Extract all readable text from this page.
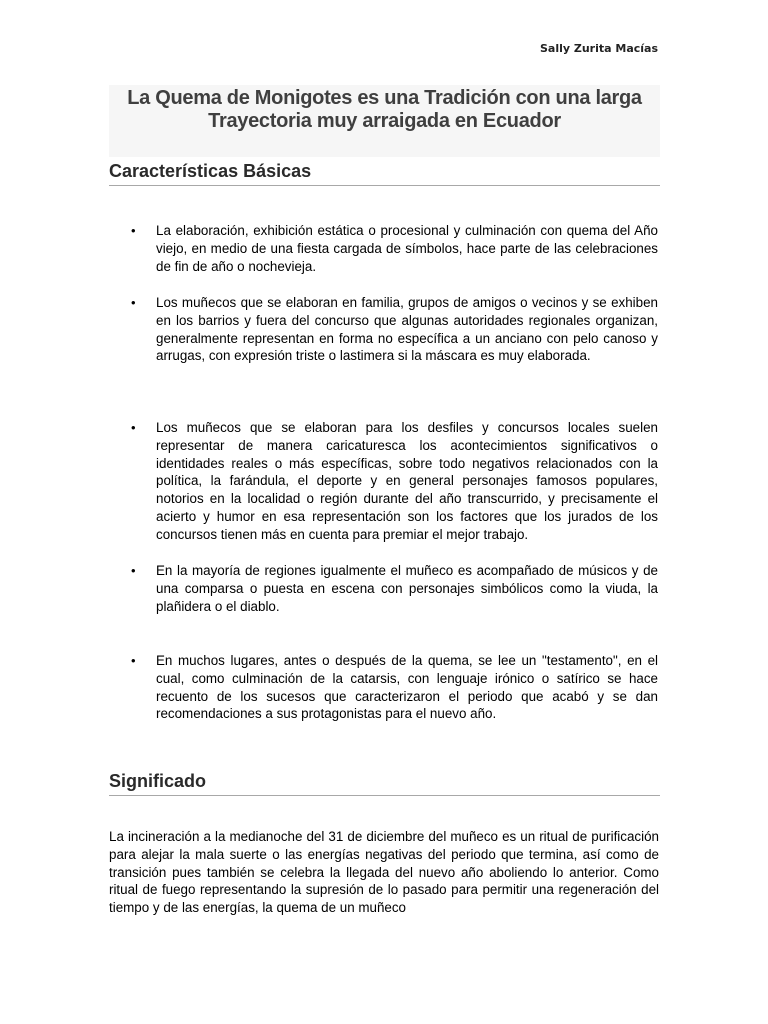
Sally Zurita Macías
La Quema de Monigotes es una Tradición con una larga
Trayectoria muy arraigada en Ecuador
Características Básicas
• La elaboración, exhibición estática o procesional y culminación con quema del Año viejo, en medio de una fiesta cargada de símbolos, hace parte de las celebraciones de fin de año o nochevieja.
• Los muñecos que se elaboran en familia, grupos de amigos o vecinos y se exhiben en los barrios y fuera del concurso que algunas autoridades regionales organizan, generalmente representan en forma no específica a un anciano con pelo canoso y arrugas, con expresión triste o lastimera si la máscara es muy elaborada.
• Los muñecos que se elaboran para los desfiles y concursos locales suelen representar de manera caricaturesca los acontecimientos significativos o identidades reales o más específicas, sobre todo negativos relacionados con la política, la farándula, el deporte y en general personajes famosos populares, notorios en la localidad o región durante del año transcurrido, y precisamente el acierto y humor en esa representación son los factores que los jurados de los concursos tienen más en cuenta para premiar el mejor trabajo.
• En la mayoría de regiones igualmente el muñeco es acompañado de músicos y de una comparsa o puesta en escena con personajes simbólicos como la viuda, la plañidera o el diablo.
• En muchos lugares, antes o después de la quema, se lee un "testamento", en el cual, como culminación de la catarsis, con lenguaje irónico o satírico se hace recuento de los sucesos que caracterizaron el periodo que acabó y se dan recomendaciones a sus protagonistas para el nuevo año.
Significado

La incineración a la medianoche del 31 de diciembre del muñeco es un ritual de purificación para alejar la mala suerte o las energías negativas del periodo que termina, así como de transición pues también se celebra la llegada del nuevo año aboliendo lo anterior. Como ritual de fuego representando la supresión de lo pasado para permitir una regeneración del tiempo y de las energías, la quema de un muñeco
